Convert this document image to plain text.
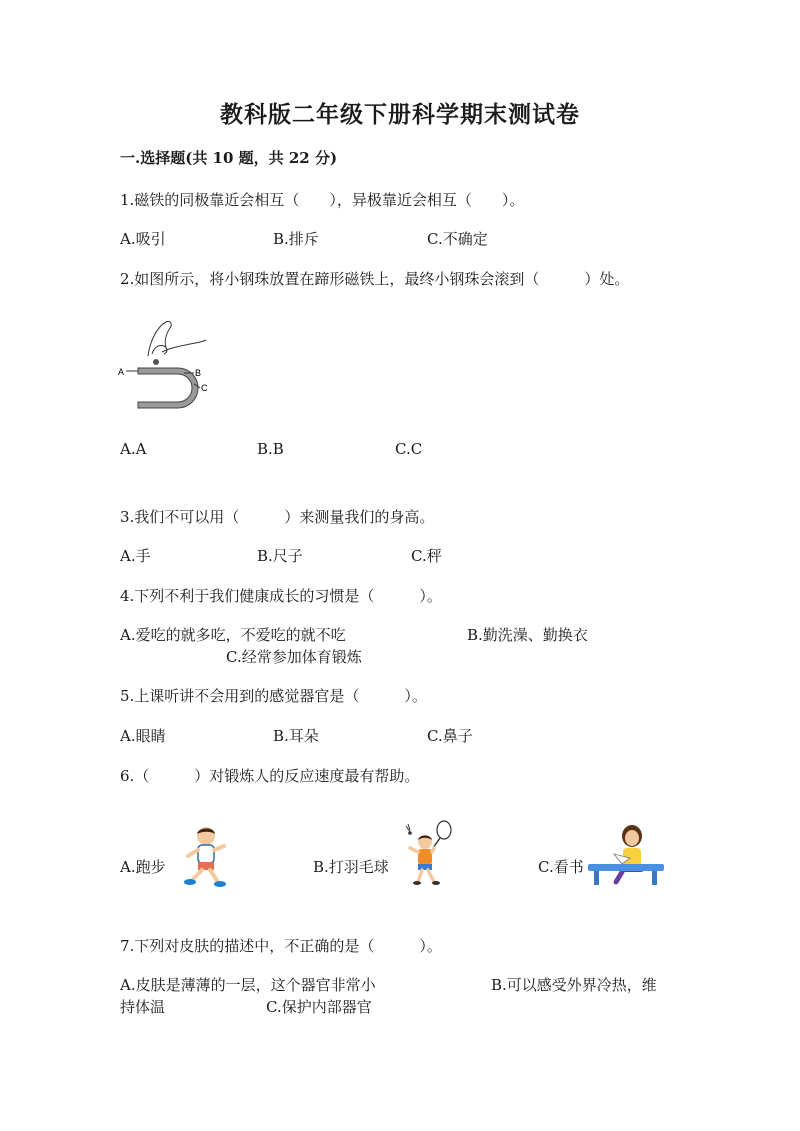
教科版二年级下册科学期末测试卷
一.选择题(共 10 题，共 22 分)
1.磁铁的同极靠近会相互（　　），异极靠近会相互（　　）。
A.吸引	B.排斥	C.不确定
2.如图所示，将小钢珠放置在蹄形磁铁上，最终小钢珠会滚到（　　　）处。
A	B
C
A.A	B.B	C.C
3.我们不可以用（　　　）来测量我们的身高。
A.手	B.尺子	C.秤
4.下列不利于我们健康成长的习惯是（　　　）。
A.爱吃的就多吃，不爱吃的就不吃	B.勤洗澡、勤换衣
C.经常参加体育锻炼
5.上课听讲不会用到的感觉器官是（　　　）。
A.眼睛	B.耳朵	C.鼻子
6.（　　　）对锻炼人的反应速度最有帮助。
A.跑步	B.打羽毛球	C.看书
7.下列对皮肤的描述中，不正确的是（　　　）。
A.皮肤是薄薄的一层，这个器官非常小	B.可以感受外界冷热，维
持体温	C.保护内部器官
